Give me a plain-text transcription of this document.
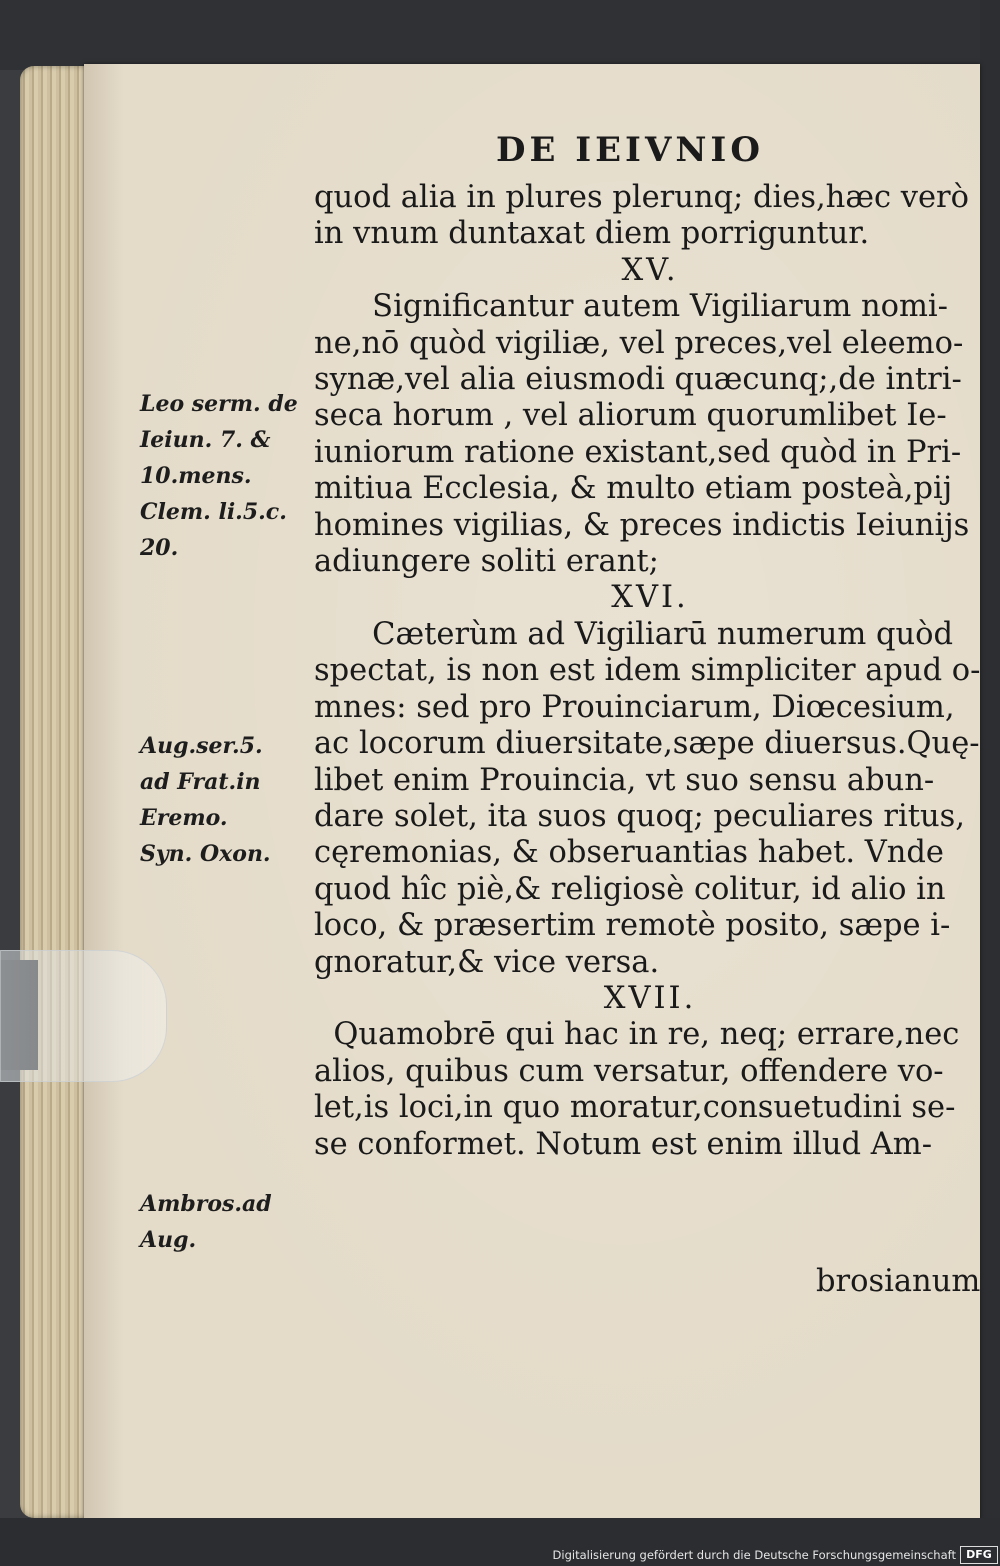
DE IEIVNIO

quod alia in plures plerunq; dies,hæc verò

in vnum duntaxat diem porriguntur.

XV.

Significantur autem Vigiliarum nomi-

ne,nō quòd vigiliæ, vel preces,vel eleemo-

synæ,vel alia eiusmodi quæcunq;,de intri-

seca horum , vel aliorum quorumlibet Ie-

iuniorum ratione existant,sed quòd in Pri-

mitiua Ecclesia, & multo etiam posteà,pij

homines vigilias, & preces indictis Ieiunijs

adiungere soliti erant;

XVI.

Cæterùm ad Vigiliarū numerum quòd

spectat, is non est idem simpliciter apud o-

mnes: sed pro Prouinciarum, Diœcesium,

ac locorum diuersitate,sæpe diuersus.Quę-

libet enim Prouincia, vt suo sensu abun-

dare solet, ita suos quoq; peculiares ritus,

cęremonias, & obseruantias habet. Vnde

quod hîc piè,& religiosè colitur, id alio in

loco, & præsertim remotè posito, sæpe i-

gnoratur,& vice versa.

XVII.

Quamobrē qui hac in re, neq; errare,nec

alios, quibus cum versatur, offendere vo-

let,is loci,in quo moratur,consuetudini se-

se conformet. Notum est enim illud Am-

Leo serm. de

Ieiun. 7. &

10.mens.

Clem. li.5.c.

20.

Aug.ser.5.

ad Frat.in

Eremo.

Syn. Oxon.

Ambros.ad

Aug.

brosianum
Digitalisierung gefördert durch die Deutsche Forschungsgemeinschaft DFG
